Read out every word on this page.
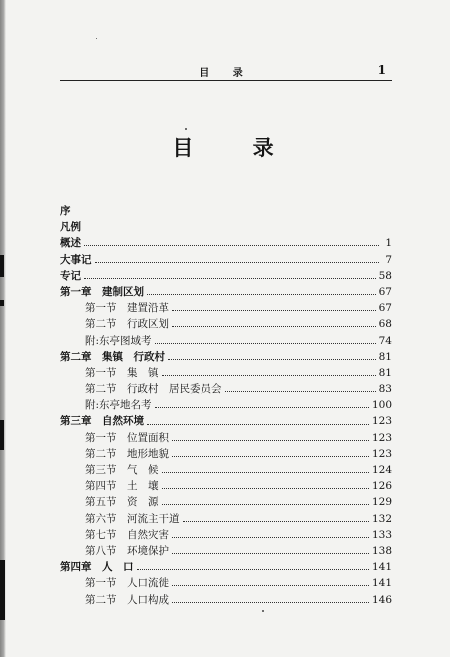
目 录	1
目 录
序
凡例
概述	1
大事记	7
专记	58
第一章　建制区划	67
第一节　建置沿革	67
第二节　行政区划	68
附:东亭图域考	74
第二章　集镇　行政村	81
第一节　集　镇	81
第二节　行政村　居民委员会	83
附:东亭地名考	100
第三章　自然环境	123
第一节　位置面积	123
第二节　地形地貌	123
第三节　气　候	124
第四节　土　壤	126
第五节　资　源	129
第六节　河流主干道	132
第七节　自然灾害	133
第八节　环境保护	138
第四章　人　口	141
第一节　人口流徙	141
第二节　人口构成	146
